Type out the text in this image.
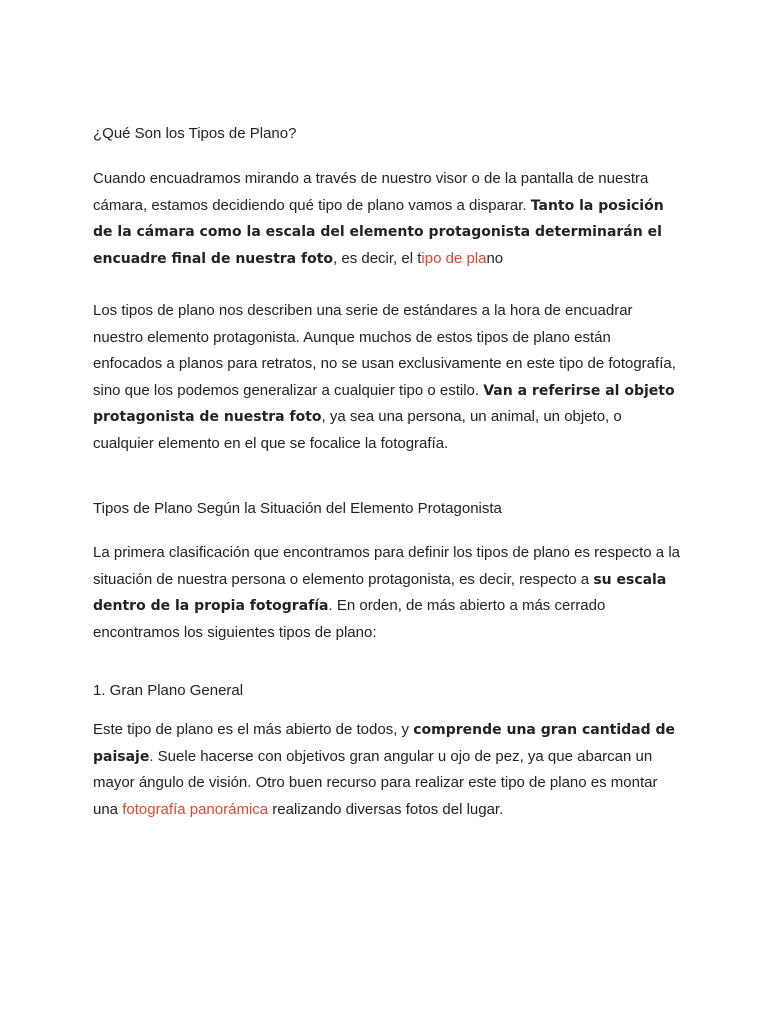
¿Qué Son los Tipos de Plano?

Cuando encuadramos mirando a través de nuestro visor o de la pantalla de nuestra cámara, estamos decidiendo qué tipo de plano vamos a disparar. Tanto la posición de la cámara como la escala del elemento protagonista determinarán el encuadre final de nuestra foto, es decir, el tipo de plano

Los tipos de plano nos describen una serie de estándares a la hora de encuadrar nuestro elemento protagonista. Aunque muchos de estos tipos de plano están enfocados a planos para retratos, no se usan exclusivamente en este tipo de fotografía, sino que los podemos generalizar a cualquier tipo o estilo. Van a referirse al objeto protagonista de nuestra foto, ya sea una persona, un animal, un objeto, o cualquier elemento en el que se focalice la fotografía.

Tipos de Plano Según la Situación del Elemento Protagonista

La primera clasificación que encontramos para definir los tipos de plano es respecto a la situación de nuestra persona o elemento protagonista, es decir, respecto a su escala dentro de la propia fotografía. En orden, de más abierto a más cerrado encontramos los siguientes tipos de plano:

1. Gran Plano General

Este tipo de plano es el más abierto de todos, y comprende una gran cantidad de paisaje. Suele hacerse con objetivos gran angular u ojo de pez, ya que abarcan un mayor ángulo de visión. Otro buen recurso para realizar este tipo de plano es montar una fotografía panorámica realizando diversas fotos del lugar.
